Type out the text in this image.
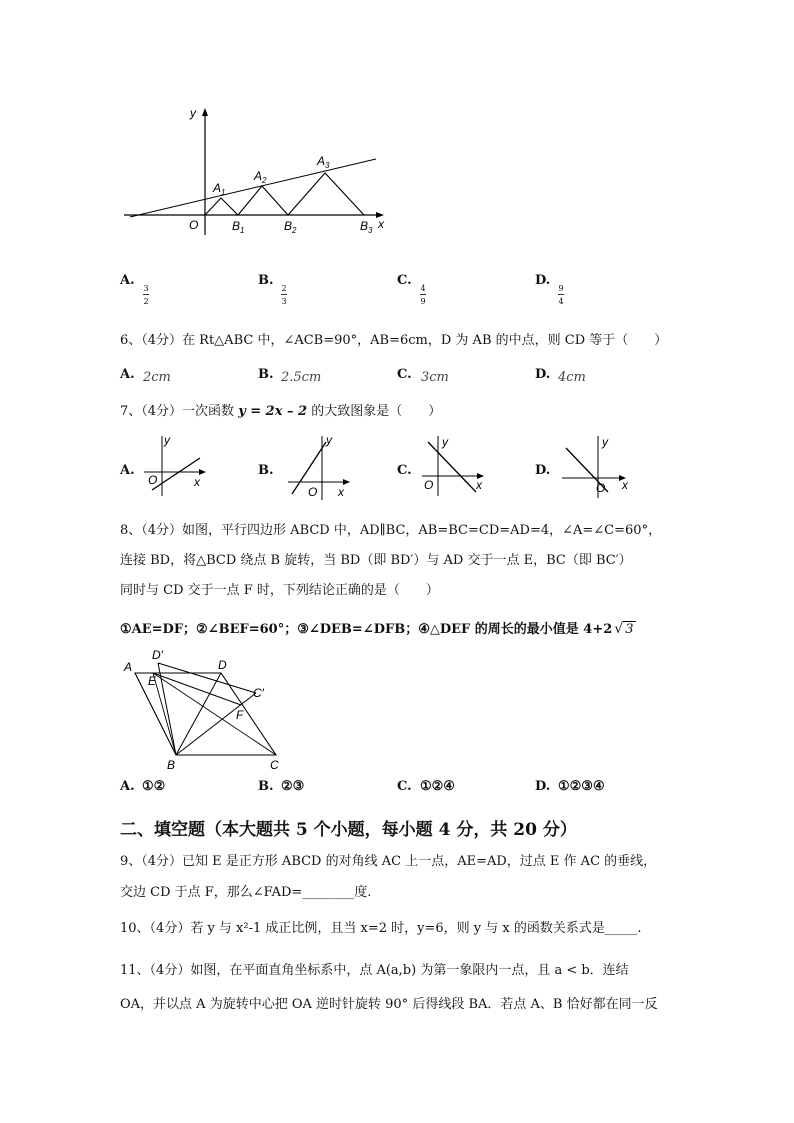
y
x
O
$A_1$
$A_2$
$A_3$
$B_1$	$B_2$	$B_3$
A.
3
2
B.
2
3
C.
4
9
D.
9
4
6、（4分）在 Rt△ABC 中，∠ACB=90°，AB=6cm，D 为 AB 的中点，则 CD 等于（　　）
A. 2cm	B. 2.5cm	C. 3cm	D. 4cm
7、（4分）一次函数 y = 2x – 2 的大致图象是（　　）
A.
y
O	x
B.
y
O x
C.
y
O	x
D.
y
O x
8、（4分）如图，平行四边形 ABCD 中，AD∥BC，AB=BC=CD=AD=4，∠A=∠C=60°，
连接 BD，将△BCD 绕点 B 旋转，当 BD（即 BD′）与 AD 交于一点 E，BC（即 BC′）
同时与 CD 交于一点 F 时，下列结论正确的是（　　）
①AE=DF；②∠BEF=60°；③∠DEB=∠DFB；④△DEF 的周长的最小值是 4+2 √ 3
A
D′
D
E
C′
F
B	C
A. ①②	B. ②③	C. ①②④	D. ①②③④
二、填空题（本大题共 5 个小题，每小题 4 分，共 20 分）
9、（4分）已知 E 是正方形 ABCD 的对角线 AC 上一点，AE=AD，过点 E 作 AC 的垂线，
交边 CD 于点 F，那么∠FAD=________度.
10、（4分）若 y 与 x²-1 成正比例，且当 x=2 时，y=6，则 y 与 x 的函数关系式是_____.
11、（4分）如图，在平面直角坐标系中，点 A(a,b) 为第一象限内一点，且 a < b．连结
OA，并以点 A 为旋转中心把 OA 逆时针旋转 90° 后得线段 BA．若点 A、B 恰好都在同一反
